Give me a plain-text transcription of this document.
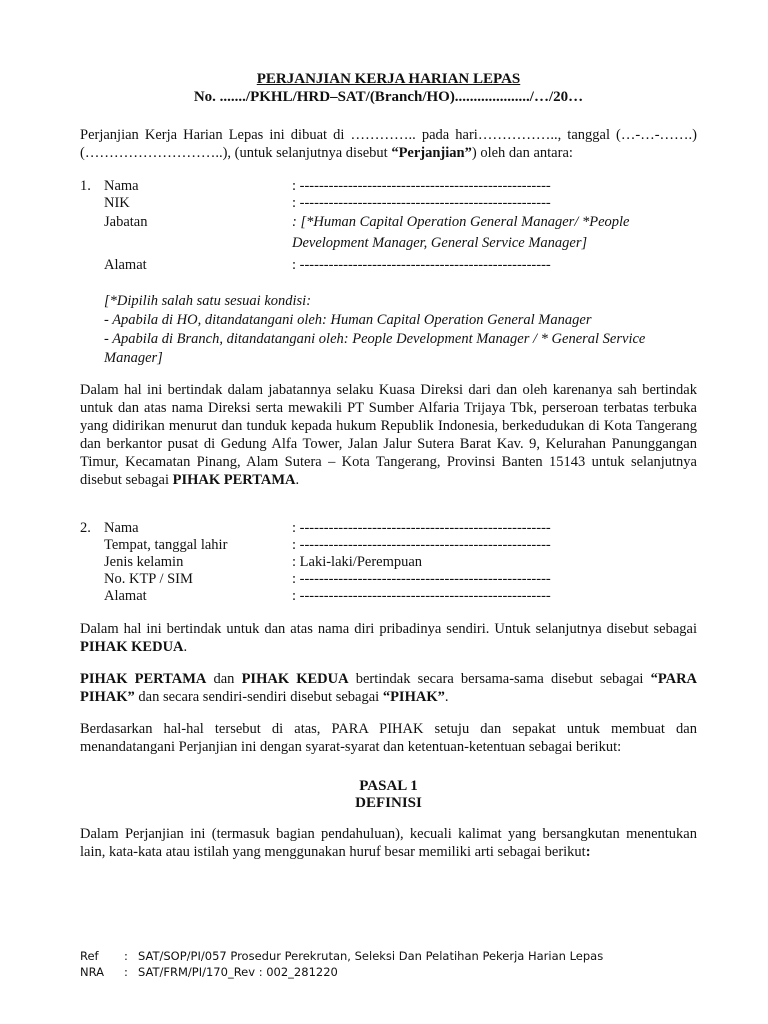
PERJANJIAN KERJA HARIAN LEPAS
No. ......./PKHL/HRD–SAT/(Branch/HO)..................../…/20…

Perjanjian Kerja Harian Lepas ini dibuat di ………….. pada hari…………….., tanggal (…-…-…….) (………………………..), (untuk selanjutnya disebut “Perjanjian”) oleh dan antara:

1. Nama	: ----------------------------------------------------
NIK	: ----------------------------------------------------
Jabatan	: [*Human Capital Operation General Manager/ *People Development Manager, General Service Manager]
Alamat	: ----------------------------------------------------
[*Dipilih salah satu sesuai kondisi:
- Apabila di HO, ditandatangani oleh: Human Capital Operation General Manager
- Apabila di Branch, ditandatangani oleh: People Development Manager / * General Service Manager]

Dalam hal ini bertindak dalam jabatannya selaku Kuasa Direksi dari dan oleh karenanya sah bertindak untuk dan atas nama Direksi serta mewakili PT Sumber Alfaria Trijaya Tbk, perseroan terbatas terbuka yang didirikan menurut dan tunduk kepada hukum Republik Indonesia, berkedudukan di Kota Tangerang dan berkantor pusat di Gedung Alfa Tower, Jalan Jalur Sutera Barat Kav. 9, Kelurahan Panunggangan Timur, Kecamatan Pinang, Alam Sutera – Kota Tangerang, Provinsi Banten 15143 untuk selanjutnya disebut sebagai PIHAK PERTAMA.

2. Nama	: ----------------------------------------------------
Tempat, tanggal lahir	: ----------------------------------------------------
Jenis kelamin	: Laki-laki/Perempuan
No. KTP / SIM	: ----------------------------------------------------
Alamat	: ----------------------------------------------------

Dalam hal ini bertindak untuk dan atas nama diri pribadinya sendiri. Untuk selanjutnya disebut sebagai PIHAK KEDUA.

PIHAK PERTAMA dan PIHAK KEDUA bertindak secara bersama-sama disebut sebagai “PARA PIHAK” dan secara sendiri-sendiri disebut sebagai “PIHAK”.

Berdasarkan hal-hal tersebut di atas, PARA PIHAK setuju dan sepakat untuk membuat dan menandatangani Perjanjian ini dengan syarat-syarat dan ketentuan-ketentuan sebagai berikut:

PASAL 1
DEFINISI

Dalam Perjanjian ini (termasuk bagian pendahuluan), kecuali kalimat yang bersangkutan menentukan lain, kata-kata atau istilah yang menggunakan huruf besar memiliki arti sebagai berikut:

Ref	: SAT/SOP/PI/057 Prosedur Perekrutan, Seleksi Dan Pelatihan Pekerja Harian Lepas
NRA	: SAT/FRM/PI/170_Rev : 002_281220
